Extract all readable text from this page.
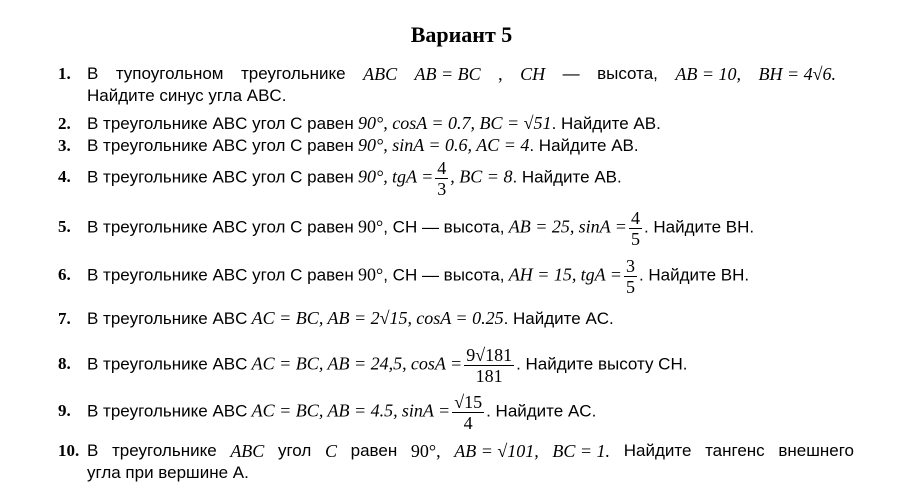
Вариант 5
1. В тупоугольном треугольнике ABC AB = BC , CH — высота, AB = 10, BH = 4√6.
Найдите синус угла ABC.
2. В треугольнике ABC угол C равен 90°, cosA = 0.7, BC = √51. Найдите AB.
3. В треугольнике ABC угол C равен 90°, sinA = 0.6, AC = 4. Найдите AB.
4. В треугольнике ABC угол C равен 90°, tgA = $\frac{4}{3}$ , BC = 8. Найдите AB.
5. В треугольнике ABC угол C равен 90°, CH — высота, AB = 25, $\sin A = \frac{4}{5}$ . Найдите BH.
6. В треугольнике ABC угол C равен 90°, CH — высота, AH = 15, tgA = $\frac{3}{5}$ . Найдите BH.
7. В треугольнике ABC AC = BC, AB = 2√15, cosA = 0.25. Найдите AC.
8. В треугольнике ABC AC = BC, AB = 24,5, $\cos A = \frac{9√181}{181}$ . Найдите высоту CH.
9. В треугольнике ABC AC = BC, AB = 4.5, $\sin A = \frac{√15}{4}$ . Найдите AC.
10. В треугольнике ABC угол C равен 90°, AB = √101, BC = 1. Найдите тангенс внешнего
угла при вершине A.
